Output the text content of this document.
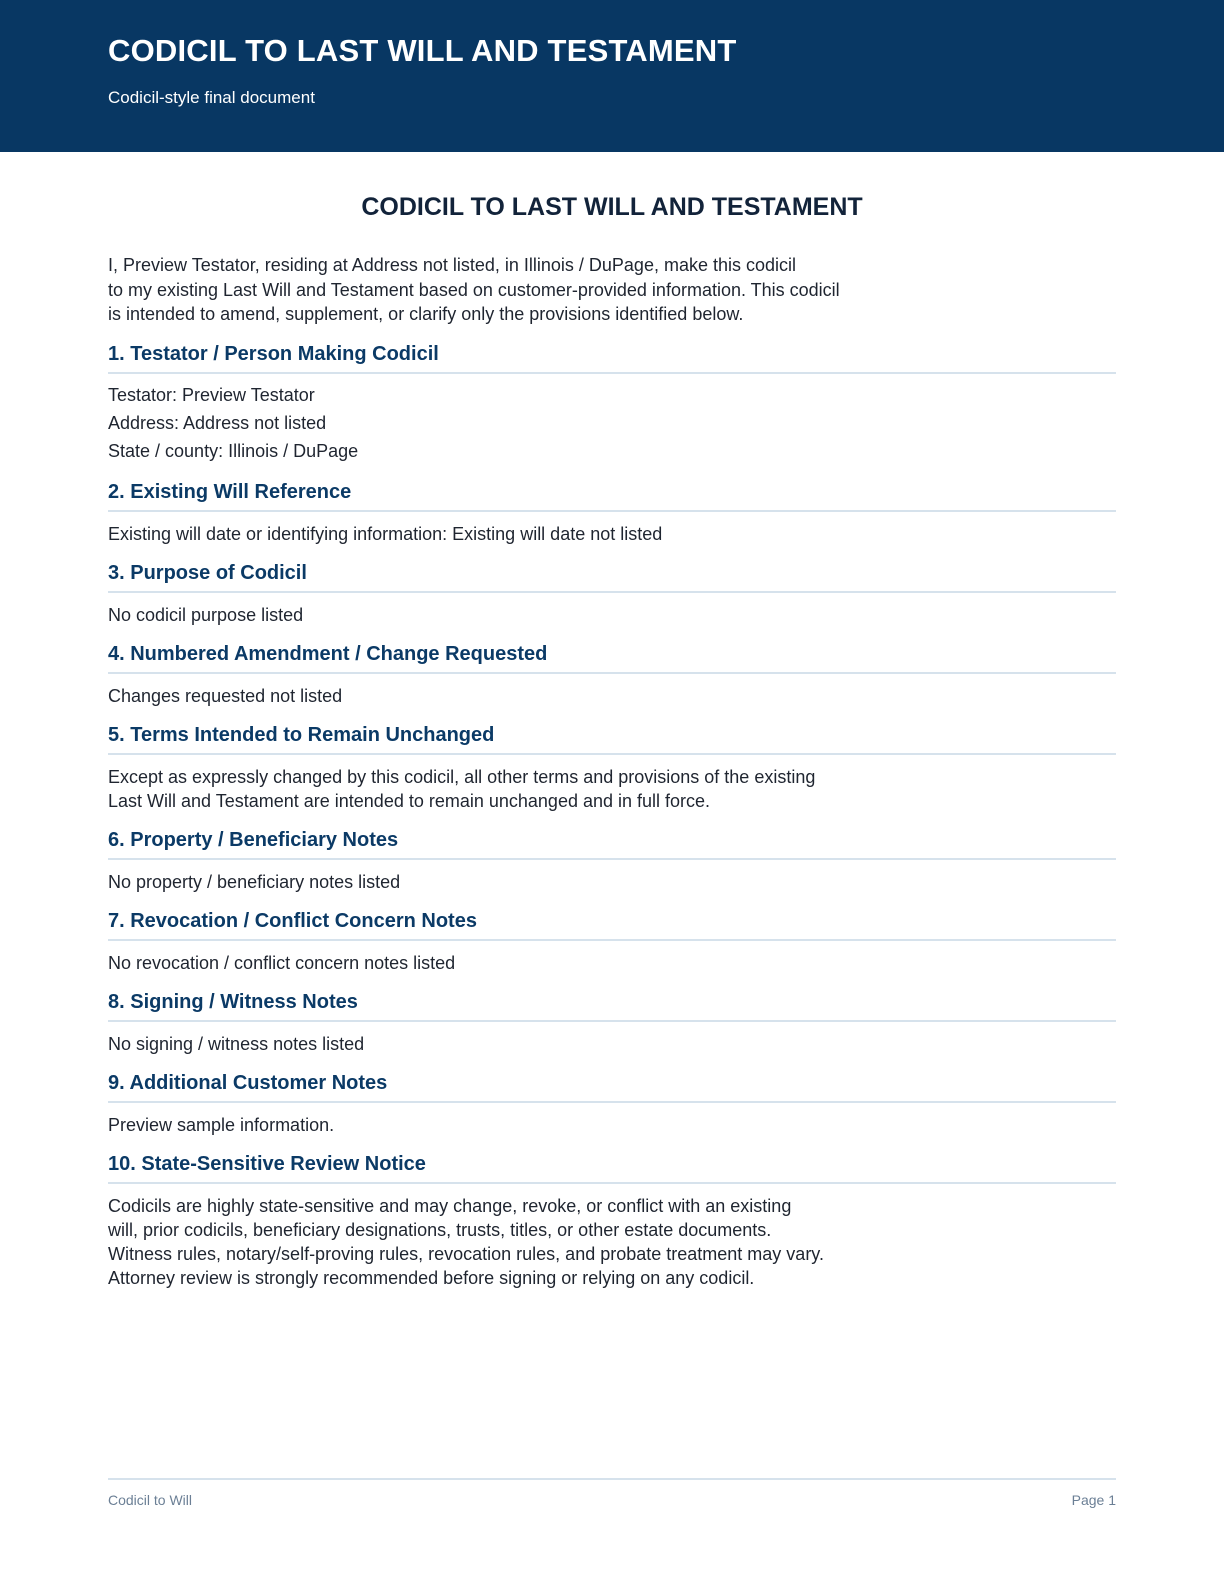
CODICIL TO LAST WILL AND TESTAMENT
Codicil-style final document
CODICIL TO LAST WILL AND TESTAMENT
I, Preview Testator, residing at Address not listed, in Illinois / DuPage, make this codicil
to my existing Last Will and Testament based on customer-provided information. This codicil
is intended to amend, supplement, or clarify only the provisions identified below.
1. Testator / Person Making Codicil
Testator: Preview Testator
Address: Address not listed
State / county: Illinois / DuPage
2. Existing Will Reference
Existing will date or identifying information: Existing will date not listed
3. Purpose of Codicil
No codicil purpose listed
4. Numbered Amendment / Change Requested
Changes requested not listed
5. Terms Intended to Remain Unchanged
Except as expressly changed by this codicil, all other terms and provisions of the existing
Last Will and Testament are intended to remain unchanged and in full force.
6. Property / Beneficiary Notes
No property / beneficiary notes listed
7. Revocation / Conflict Concern Notes
No revocation / conflict concern notes listed
8. Signing / Witness Notes
No signing / witness notes listed
9. Additional Customer Notes
Preview sample information.
10. State-Sensitive Review Notice
Codicils are highly state-sensitive and may change, revoke, or conflict with an existing
will, prior codicils, beneficiary designations, trusts, titles, or other estate documents.
Witness rules, notary/self-proving rules, revocation rules, and probate treatment may vary.
Attorney review is strongly recommended before signing or relying on any codicil.
Codicil to Will	Page 1
